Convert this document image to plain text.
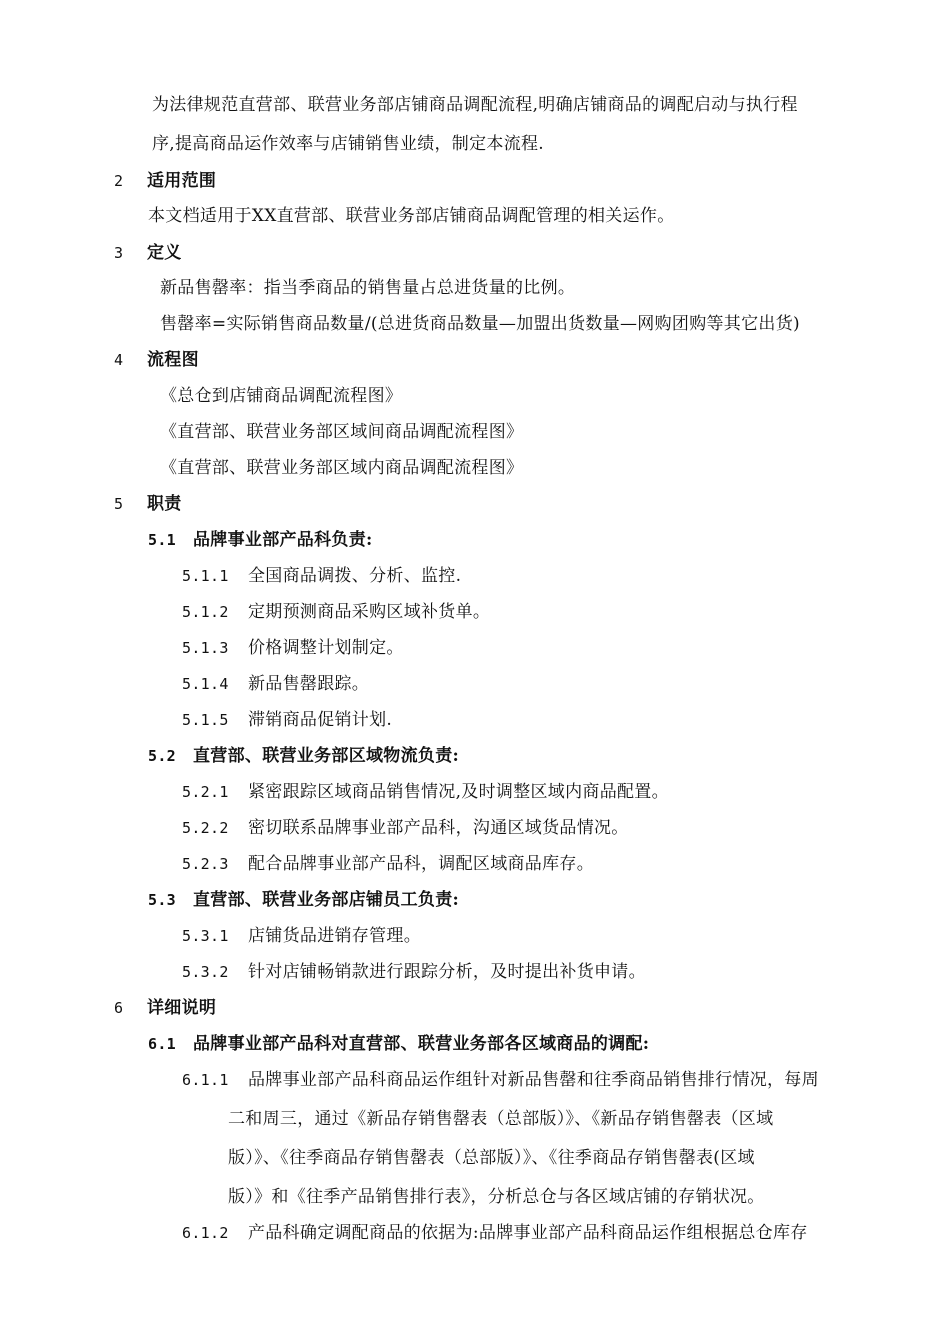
为法律规范直营部、联营业务部店铺商品调配流程,明确店铺商品的调配启动与执行程
序,提高商品运作效率与店铺销售业绩，制定本流程.
2 适用范围
本文档适用于XX直营部、联营业务部店铺商品调配管理的相关运作。
3 定义
新品售罄率：指当季商品的销售量占总进货量的比例。
售罄率=实际销售商品数量/(总进货商品数量—加盟出货数量—网购团购等其它出货)
4 流程图
《总仓到店铺商品调配流程图》
《直营部、联营业务部区域间商品调配流程图》
《直营部、联营业务部区域内商品调配流程图》
5 职责
5.1 品牌事业部产品科负责:
5.1.1 全国商品调拨、分析、监控.
5.1.2 定期预测商品采购区域补货单。
5.1.3 价格调整计划制定。
5.1.4 新品售罄跟踪。
5.1.5 滞销商品促销计划.
5.2 直营部、联营业务部区域物流负责:
5.2.1 紧密跟踪区域商品销售情况,及时调整区域内商品配置。
5.2.2 密切联系品牌事业部产品科，沟通区域货品情况。
5.2.3 配合品牌事业部产品科，调配区域商品库存。
5.3 直营部、联营业务部店铺员工负责:
5.3.1 店铺货品进销存管理。
5.3.2 针对店铺畅销款进行跟踪分析，及时提出补货申请。
6 详细说明
6.1 品牌事业部产品科对直营部、联营业务部各区域商品的调配:
6.1.1 品牌事业部产品科商品运作组针对新品售罄和往季商品销售排行情况，每周
二和周三，通过《新品存销售罄表（总部版）》、《新品存销售罄表（区域
版）》、《往季商品存销售罄表（总部版）》、《往季商品存销售罄表(区域
版）》和《往季产品销售排行表》，分析总仓与各区域店铺的存销状况。
6.1.2 产品科确定调配商品的依据为:品牌事业部产品科商品运作组根据总仓库存
